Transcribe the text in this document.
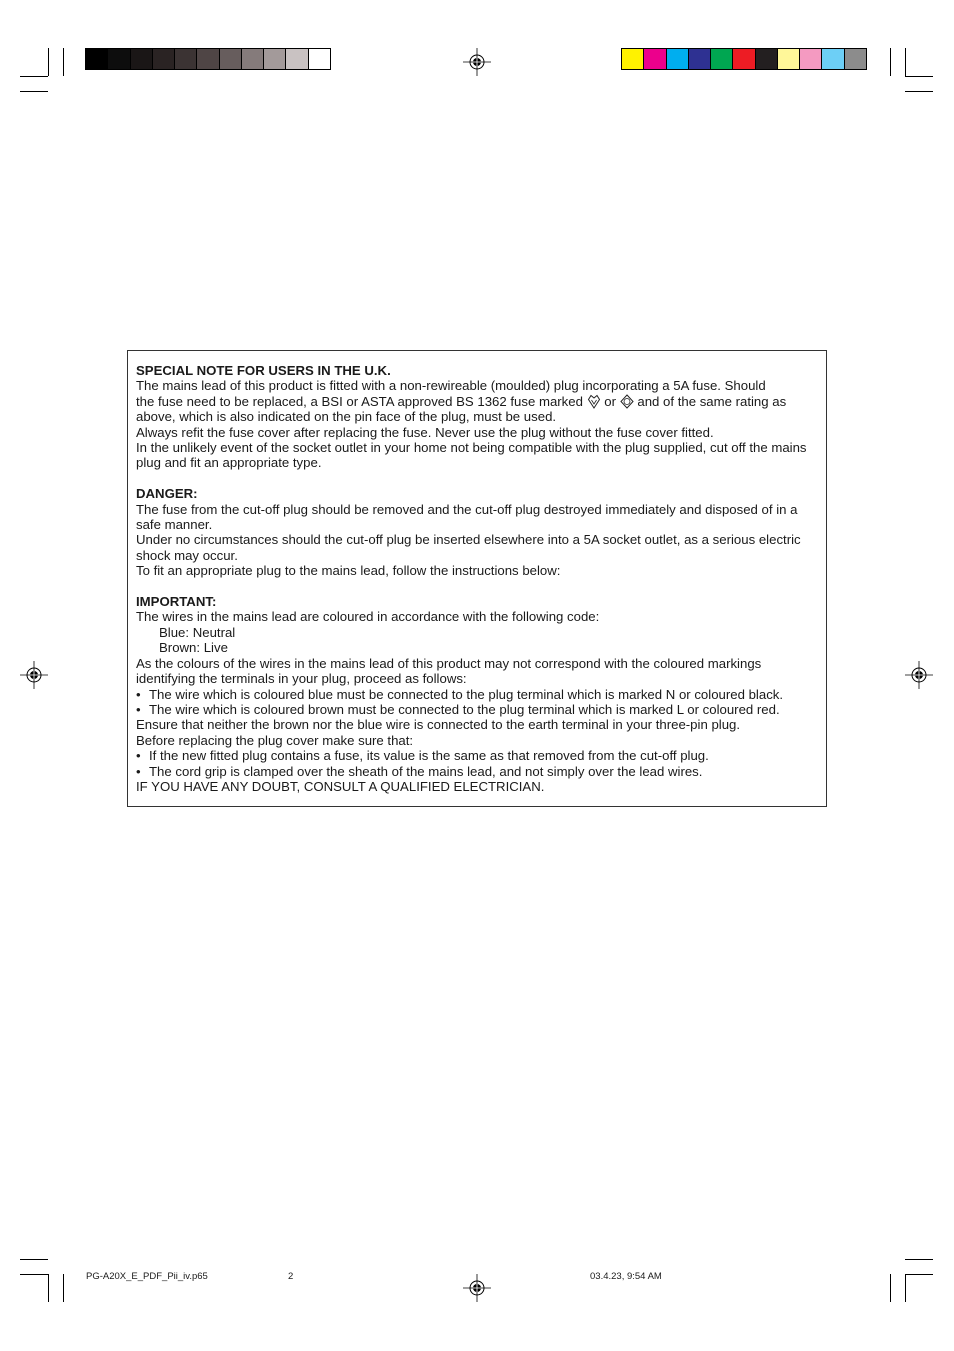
SPECIAL NOTE FOR USERS IN THE U.K.

The mains lead of this product is fitted with a non-rewireable (moulded) plug incorporating a 5A fuse. Should

the fuse need to be replaced, a BSI or ASTA approved BS 1362 fuse marked or and of the same rating as

above, which is also indicated on the pin face of the plug, must be used.

Always refit the fuse cover after replacing the fuse. Never use the plug without the fuse cover fitted.

In the unlikely event of the socket outlet in your home not being compatible with the plug supplied, cut off the mains plug and fit an appropriate type.

DANGER:

The fuse from the cut-off plug should be removed and the cut-off plug destroyed immediately and disposed of in a safe manner.

Under no circumstances should the cut-off plug be inserted elsewhere into a 5A socket outlet, as a serious electric shock may occur.

To fit an appropriate plug to the mains lead, follow the instructions below:

IMPORTANT:

The wires in the mains lead are coloured in accordance with the following code:

Blue: Neutral

Brown: Live

As the colours of the wires in the mains lead of this product may not correspond with the coloured markings identifying the terminals in your plug, proceed as follows:

• The wire which is coloured blue must be connected to the plug terminal which is marked N or coloured black.
• The wire which is coloured brown must be connected to the plug terminal which is marked L or coloured red.

Ensure that neither the brown nor the blue wire is connected to the earth terminal in your three-pin plug.

Before replacing the plug cover make sure that:

• If the new fitted plug contains a fuse, its value is the same as that removed from the cut-off plug.
• The cord grip is clamped over the sheath of the mains lead, and not simply over the lead wires.

IF YOU HAVE ANY DOUBT, CONSULT A QUALIFIED ELECTRICIAN.

PG-A20X_E_PDF_Pii_iv.p65	2	03.4.23, 9:54 AM
